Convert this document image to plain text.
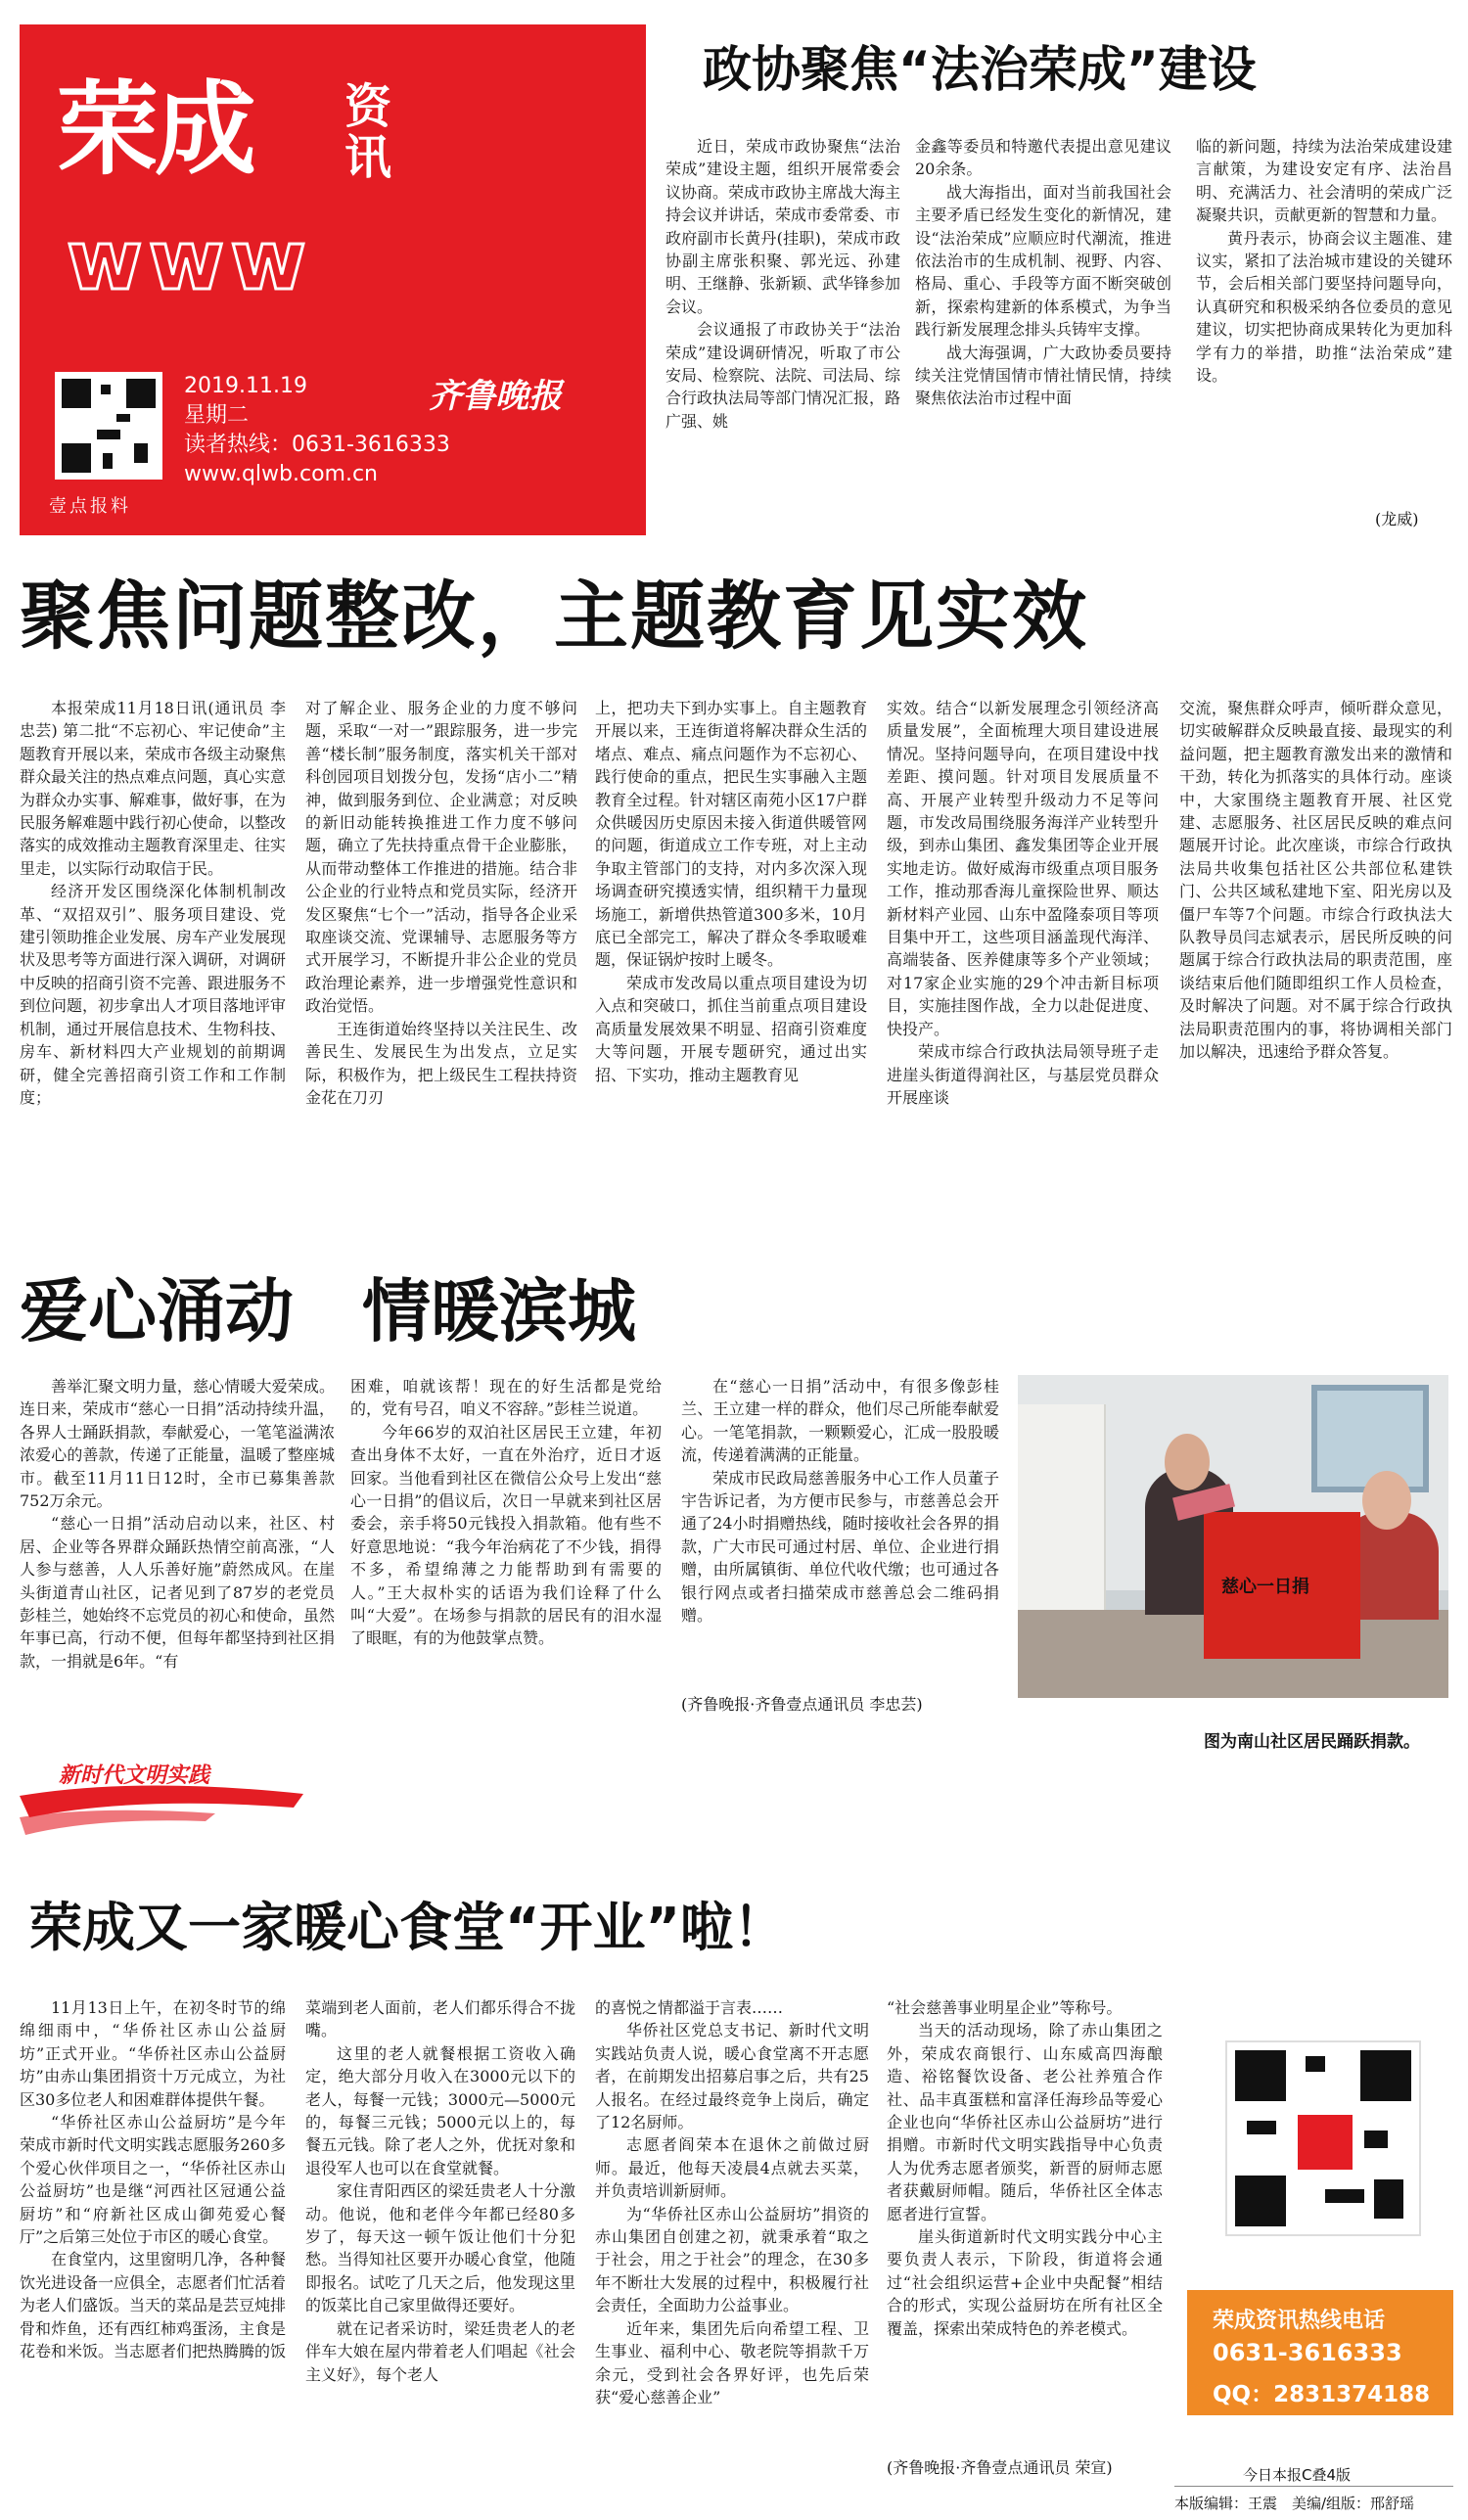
荣成 资讯
www
壹点报料
2019.11.19
星期二
读者热线：0631-3616333
www.qlwb.com.cn
齐鲁晚报
政协聚焦“法治荣成”建设

近日，荣成市政协聚焦“法治荣成”建设主题，组织开展常委会议协商。荣成市政协主席战大海主持会议并讲话，荣成市委常委、市政府副市长黄丹(挂职)，荣成市政协副主席张积聚、郭光远、孙建明、王继静、张新颖、武华锋参加会议。

会议通报了市政协关于“法治荣成”建设调研情况，听取了市公安局、检察院、法院、司法局、综合行政执法局等部门情况汇报，路广强、姚

金鑫等委员和特邀代表提出意见建议20余条。

战大海指出，面对当前我国社会主要矛盾已经发生变化的新情况，建设“法治荣成”应顺应时代潮流，推进依法治市的生成机制、视野、内容、格局、重心、手段等方面不断突破创新，探索构建新的体系模式，为争当践行新发展理念排头兵铸牢支撑。

战大海强调，广大政协委员要持续关注党情国情市情社情民情，持续聚焦依法治市过程中面

临的新问题，持续为法治荣成建设建言献策，为建设安定有序、法治昌明、充满活力、社会清明的荣成广泛凝聚共识，贡献更新的智慧和力量。

黄丹表示，协商会议主题准、建议实，紧扣了法治城市建设的关键环节，会后相关部门要坚持问题导向，认真研究和积极采纳各位委员的意见建议，切实把协商成果转化为更加科学有力的举措，助推“法治荣成”建设。

(龙威)
聚焦问题整改，主题教育见实效

本报荣成11月18日讯(通讯员 李忠芸) 第二批“不忘初心、牢记使命”主题教育开展以来，荣成市各级主动聚焦群众最关注的热点难点问题，真心实意为群众办实事、解难事，做好事，在为民服务解难题中践行初心使命，以整改落实的成效推动主题教育深里走、往实里走，以实际行动取信于民。

经济开发区围绕深化体制机制改革、“双招双引”、服务项目建设、党建引领助推企业发展、房车产业发展现状及思考等方面进行深入调研，对调研中反映的招商引资不完善、跟进服务不到位问题，初步拿出人才项目落地评审机制，通过开展信息技术、生物科技、房车、新材料四大产业规划的前期调研，健全完善招商引资工作和工作制度；

对了解企业、服务企业的力度不够问题，采取“一对一”跟踪服务，进一步完善“楼长制”服务制度，落实机关干部对科创园项目划拨分包，发扬“店小二”精神，做到服务到位、企业满意；对反映的新旧动能转换推进工作力度不够问题，确立了先扶持重点骨干企业膨胀，从而带动整体工作推进的措施。结合非公企业的行业特点和党员实际，经济开发区聚焦“七个一”活动，指导各企业采取座谈交流、党课辅导、志愿服务等方式开展学习，不断提升非公企业的党员政治理论素养，进一步增强党性意识和政治觉悟。

王连街道始终坚持以关注民生、改善民生、发展民生为出发点，立足实际，积极作为，把上级民生工程扶持资金花在刀刃

上，把功夫下到办实事上。自主题教育开展以来，王连街道将解决群众生活的堵点、难点、痛点问题作为不忘初心、践行使命的重点，把民生实事融入主题教育全过程。针对辖区南苑小区17户群众供暖因历史原因未接入街道供暖管网的问题，街道成立工作专班，对上主动争取主管部门的支持，对内多次深入现场调查研究摸透实情，组织精干力量现场施工，新增供热管道300多米，10月底已全部完工，解决了群众冬季取暖难题，保证锅炉按时上暖冬。

荣成市发改局以重点项目建设为切入点和突破口，抓住当前重点项目建设高质量发展效果不明显、招商引资难度大等问题，开展专题研究，通过出实招、下实功，推动主题教育见

实效。结合“以新发展理念引领经济高质量发展”，全面梳理大项目建设进展情况。坚持问题导向，在项目建设中找差距、摸问题。针对项目发展质量不高、开展产业转型升级动力不足等问题，市发改局围绕服务海洋产业转型升级，到赤山集团、鑫发集团等企业开展实地走访。做好威海市级重点项目服务工作，推动那香海儿童探险世界、顺达新材料产业园、山东中盈隆泰项目等项目集中开工，这些项目涵盖现代海洋、高端装备、医养健康等多个产业领域；对17家企业实施的29个冲击新目标项目，实施挂图作战，全力以赴促进度、快投产。

荣成市综合行政执法局领导班子走进崖头街道得润社区，与基层党员群众开展座谈

交流，聚焦群众呼声，倾听群众意见，切实破解群众反映最直接、最现实的利益问题，把主题教育激发出来的激情和干劲，转化为抓落实的具体行动。座谈中，大家围绕主题教育开展、社区党建、志愿服务、社区居民反映的难点问题展开讨论。此次座谈，市综合行政执法局共收集包括社区公共部位私建铁门、公共区域私建地下室、阳光房以及僵尸车等7个问题。市综合行政执法大队教导员闫志斌表示，居民所反映的问题属于综合行政执法局的职责范围，座谈结束后他们随即组织工作人员检查，及时解决了问题。对不属于综合行政执法局职责范围内的事，将协调相关部门加以解决，迅速给予群众答复。

爱心涌动　情暖滨城

善举汇聚文明力量，慈心情暖大爱荣成。连日来，荣成市“慈心一日捐”活动持续升温，各界人士踊跃捐款，奉献爱心，一笔笔溢满浓浓爱心的善款，传递了正能量，温暖了整座城市。截至11月11日12时，全市已募集善款752万余元。

“慈心一日捐”活动启动以来，社区、村居、企业等各界群众踊跃热情空前高涨，“人人参与慈善，人人乐善好施”蔚然成风。在崖头街道青山社区，记者见到了87岁的老党员彭桂兰，她始终不忘党员的初心和使命，虽然年事已高，行动不便，但每年都坚持到社区捐款，一捐就是6年。“有

困难，咱就该帮！现在的好生活都是党给的，党有号召，咱义不容辞。”彭桂兰说道。

今年66岁的双泊社区居民王立建，年初查出身体不太好，一直在外治疗，近日才返回家。当他看到社区在微信公众号上发出“慈心一日捐”的倡议后，次日一早就来到社区居委会，亲手将50元钱投入捐款箱。他有些不好意思地说：“我今年治病花了不少钱，捐得不多，希望绵薄之力能帮助到有需要的人。”王大叔朴实的话语为我们诠释了什么叫“大爱”。在场参与捐款的居民有的泪水湿了眼眶，有的为他鼓掌点赞。

在“慈心一日捐”活动中，有很多像彭桂兰、王立建一样的群众，他们尽己所能奉献爱心。一笔笔捐款，一颗颗爱心，汇成一股股暖流，传递着满满的正能量。

荣成市民政局慈善服务中心工作人员董子宇告诉记者，为方便市民参与，市慈善总会开通了24小时捐赠热线，随时接收社会各界的捐款，广大市民可通过村居、单位、企业进行捐赠，由所属镇街、单位代收代缴；也可通过各银行网点或者扫描荣成市慈善总会二维码捐赠。

(齐鲁晚报·齐鲁壹点通讯员 李忠芸)
慈心一日捐
图为南山社区居民踊跃捐款。
新时代文明实践
荣成又一家暖心食堂“开业”啦！

11月13日上午，在初冬时节的绵绵细雨中，“华侨社区赤山公益厨坊”正式开业。“华侨社区赤山公益厨坊”由赤山集团捐资十万元成立，为社区30多位老人和困难群体提供午餐。

“华侨社区赤山公益厨坊”是今年荣成市新时代文明实践志愿服务260多个爱心伙伴项目之一，“华侨社区赤山公益厨坊”也是继“河西社区冠通公益厨坊”和“府新社区成山御苑爱心餐厅”之后第三处位于市区的暖心食堂。

在食堂内，这里窗明几净，各种餐饮光进设备一应俱全，志愿者们忙活着为老人们盛饭。当天的菜品是芸豆炖排骨和炸鱼，还有西红柿鸡蛋汤，主食是花卷和米饭。当志愿者们把热腾腾的饭

菜端到老人面前，老人们都乐得合不拢嘴。

这里的老人就餐根据工资收入确定，绝大部分月收入在3000元以下的老人，每餐一元钱；3000元—5000元的，每餐三元钱；5000元以上的，每餐五元钱。除了老人之外，优抚对象和退役军人也可以在食堂就餐。

家住青阳西区的梁廷贵老人十分激动。他说，他和老伴今年都已经80多岁了，每天这一顿午饭让他们十分犯愁。当得知社区要开办暖心食堂，他随即报名。试吃了几天之后，他发现这里的饭菜比自己家里做得还要好。

就在记者采访时，梁廷贵老人的老伴车大娘在屋内带着老人们唱起《社会主义好》，每个老人

的喜悦之情都溢于言表……

华侨社区党总支书记、新时代文明实践站负责人说，暖心食堂离不开志愿者，在前期发出招募启事之后，共有25人报名。在经过最终竞争上岗后，确定了12名厨师。

志愿者阎荣本在退休之前做过厨师。最近，他每天凌晨4点就去买菜，并负责培训新厨师。

为“华侨社区赤山公益厨坊”捐资的赤山集团自创建之初，就秉承着“取之于社会，用之于社会”的理念，在30多年不断壮大发展的过程中，积极履行社会责任，全面助力公益事业。

近年来，集团先后向希望工程、卫生事业、福利中心、敬老院等捐款千万余元，受到社会各界好评，也先后荣获“爱心慈善企业”

“社会慈善事业明星企业”等称号。

当天的活动现场，除了赤山集团之外，荣成农商银行、山东威高四海酿造、裕铭餐饮设备、老公社养殖合作社、品丰真蛋糕和富泽任海珍品等爱心企业也向“华侨社区赤山公益厨坊”进行捐赠。市新时代文明实践指导中心负责人为优秀志愿者颁奖，新晋的厨师志愿者获戴厨师帽。随后，华侨社区全体志愿者进行宣誓。

崖头街道新时代文明实践分中心主要负责人表示，下阶段，街道将会通过“社会组织运营+企业中央配餐”相结合的形式，实现公益厨坊在所有社区全覆盖，探索出荣成特色的养老模式。

(齐鲁晚报·齐鲁壹点通讯员 荣宣)
荣成资讯热线电话
0631-3616333
QQ：2831374188
今日本报C叠4版
本版编辑：王震　美编/组版：邢舒瑶
